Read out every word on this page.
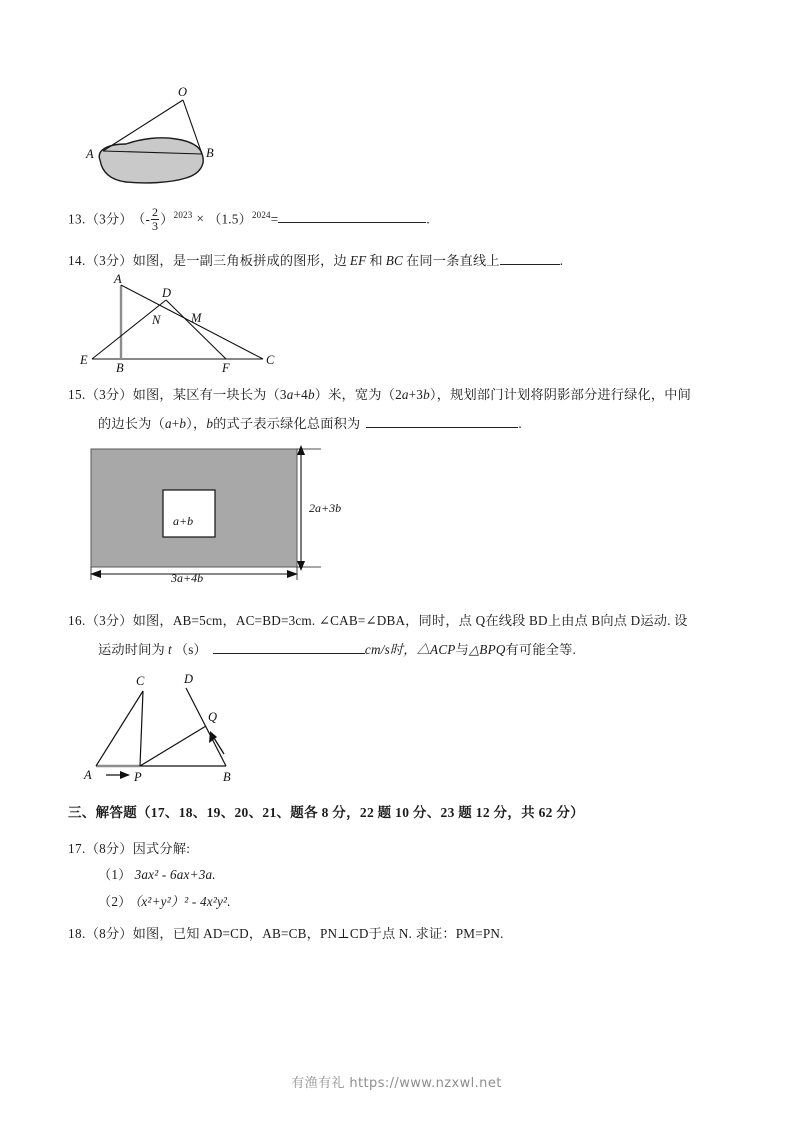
O
A	B
13.（3分） （- $\frac{2}{3} )^{2023} \times (1.5)^{2024}=$	.
14.（3分）如图，是一副三角板拼成的图形，边 EF 和 BC 在同一条直线上	.
A
D
N M
E
B	F
C
15.（3分）如图，某区有一块长为（3a+4b）米，宽为（2a+3b），规划部门计划将阴影部分进行绿化，中间
的边长为（a+b），b的式子表示绿化总面积为	.
a+b
2a+3b
3a+4b
16.（3分）如图，AB=5cm，AC=BD=3cm. ∠CAB=∠DBA，同时，点 Q在线段 BD上由点 B向点 D运动. 设
运动时间为 t （s）	cm/s时，△ACP与△BPQ有可能全等.
C	D
Q
A	P	B
三、解答题（17、18、19、20、21、题各 8 分，22 题 10 分、23 题 12 分，共 62 分）
17.（8分）因式分解:
（1） 3ax² - 6ax+3a.
（2） （x²+y²）² - 4x²y².
18.（8分）如图，已知 AD=CD，AB=CB，PN⊥CD于点 N. 求证：PM=PN.
有渔有礼 https://www.nzxwl.net
